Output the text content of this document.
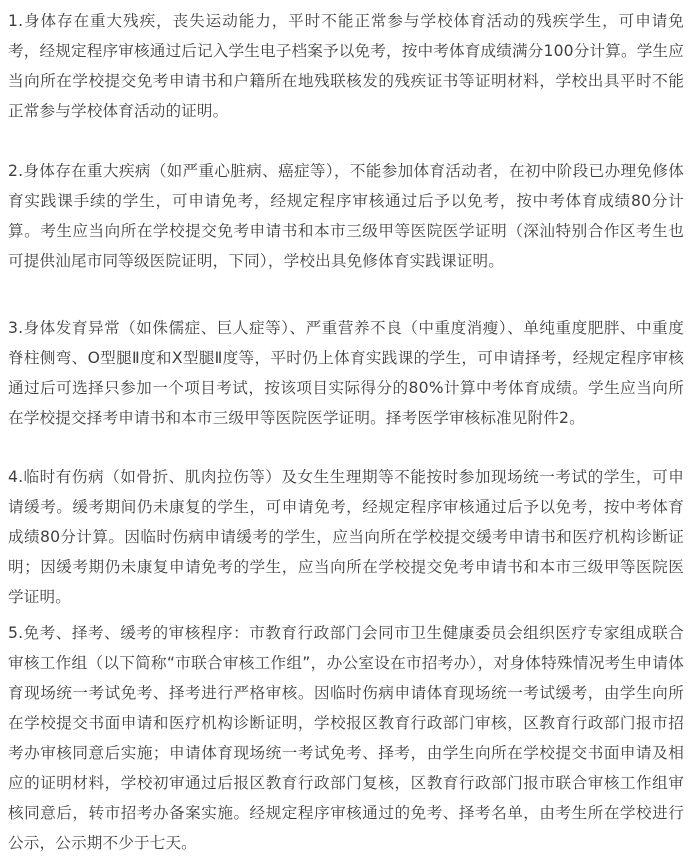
1.身体存在重大残疾，丧失运动能力，平时不能正常参与学校体育活动的残疾学生，可申请免考，经规定程序审核通过后记入学生电子档案予以免考，按中考体育成绩满分100分计算。学生应当向所在学校提交免考申请书和户籍所在地残联核发的残疾证书等证明材料，学校出具平时不能正常参与学校体育活动的证明。

2.身体存在重大疾病（如严重心脏病、癌症等），不能参加体育活动者，在初中阶段已办理免修体育实践课手续的学生，可申请免考，经规定程序审核通过后予以免考，按中考体育成绩80分计算。考生应当向所在学校提交免考申请书和本市三级甲等医院医学证明（深汕特别合作区考生也可提供汕尾市同等级医院证明，下同），学校出具免修体育实践课证明。

3.身体发育异常（如侏儒症、巨人症等）、严重营养不良（中重度消瘦）、单纯重度肥胖、中重度脊柱侧弯、O型腿Ⅱ度和X型腿Ⅱ度等，平时仍上体育实践课的学生，可申请择考，经规定程序审核通过后可选择只参加一个项目考试，按该项目实际得分的80%计算中考体育成绩。学生应当向所在学校提交择考申请书和本市三级甲等医院医学证明。择考医学审核标准见附件2。

4.临时有伤病（如骨折、肌肉拉伤等）及女生生理期等不能按时参加现场统一考试的学生，可申请缓考。缓考期间仍未康复的学生，可申请免考，经规定程序审核通过后予以免考，按中考体育成绩80分计算。因临时伤病申请缓考的学生，应当向所在学校提交缓考申请书和医疗机构诊断证明；因缓考期仍未康复申请免考的学生，应当向所在学校提交免考申请书和本市三级甲等医院医学证明。

5.免考、择考、缓考的审核程序：市教育行政部门会同市卫生健康委员会组织医疗专家组成联合审核工作组（以下简称“市联合审核工作组”，办公室设在市招考办），对身体特殊情况考生申请体育现场统一考试免考、择考进行严格审核。因临时伤病申请体育现场统一考试缓考，由学生向所在学校提交书面申请和医疗机构诊断证明，学校报区教育行政部门审核，区教育行政部门报市招考办审核同意后实施；申请体育现场统一考试免考、择考，由学生向所在学校提交书面申请及相应的证明材料，学校初审通过后报区教育行政部门复核，区教育行政部门报市联合审核工作组审核同意后，转市招考办备案实施。经规定程序审核通过的免考、择考名单，由考生所在学校进行公示，公示期不少于七天。
